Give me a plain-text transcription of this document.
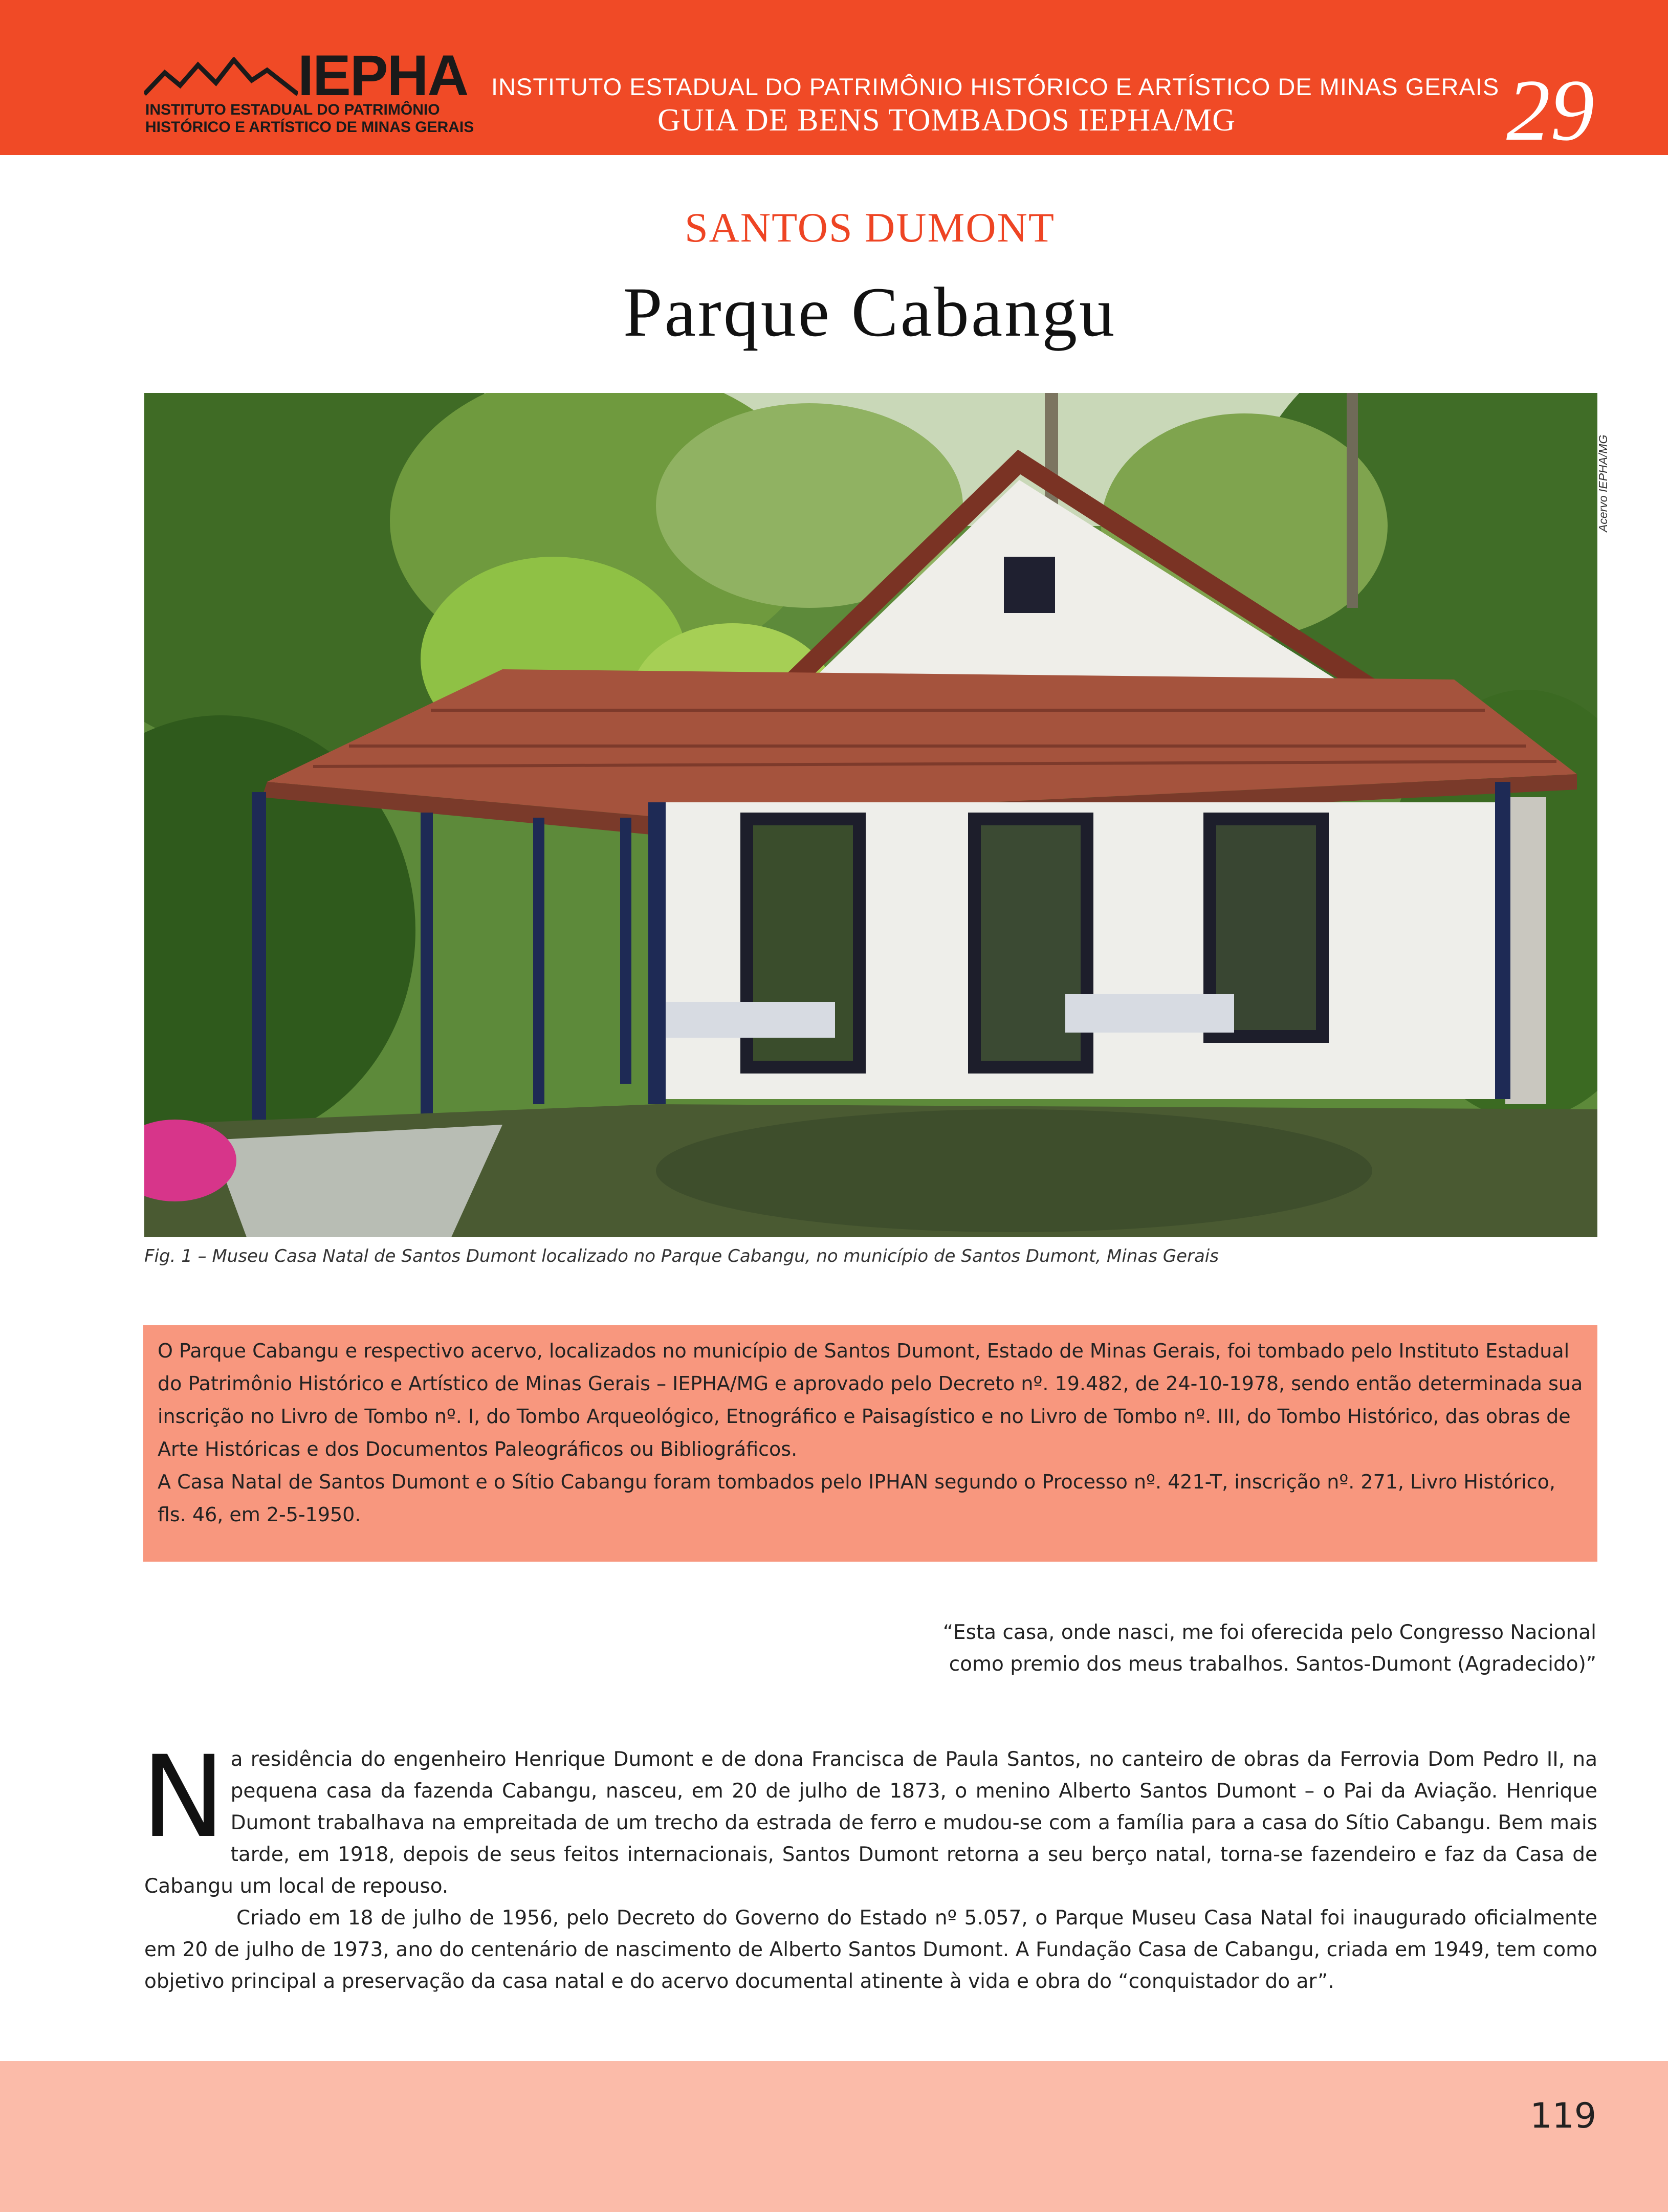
IEPHA
INSTITUTO ESTADUAL DO PATRIMÔNIO
HISTÓRICO E ARTÍSTICO DE MINAS GERAIS
INSTITUTO ESTADUAL DO PATRIMÔNIO HISTÓRICO E ARTÍSTICO DE MINAS GERAIS
GUIA DE BENS TOMBADOS IEPHA/MG	29
SANTOS DUMONT
Parque Cabangu
Acervo IEPHA/MG
Fig. 1 – Museu Casa Natal de Santos Dumont localizado no Parque Cabangu, no município de Santos Dumont, Minas Gerais

O Parque Cabangu e respectivo acervo, localizados no município de Santos Dumont, Estado de Minas Gerais, foi tombado pelo Instituto Estadual do Patrimônio Histórico e Artístico de Minas Gerais – IEPHA/MG e aprovado pelo Decreto nº. 19.482, de 24-10-1978, sendo então determinada sua inscrição no Livro de Tombo nº. I, do Tombo Arqueológico, Etnográfico e Paisagístico e no Livro de Tombo nº. III, do Tombo Histórico, das obras de Arte Históricas e dos Documentos Paleográficos ou Bibliográficos.

A Casa Natal de Santos Dumont e o Sítio Cabangu foram tombados pelo IPHAN segundo o Processo nº. 421-T, inscrição nº. 271, Livro Histórico, fls. 46, em 2-5-1950.

“Esta casa, onde nasci, me foi oferecida pelo Congresso Nacional
como premio dos meus trabalhos. Santos-Dumont (Agradecido)”

Na residência do engenheiro Henrique Dumont e de dona Francisca de Paula Santos, no canteiro de obras da Ferrovia Dom Pedro II, na pequena casa da fazenda Cabangu, nasceu, em 20 de julho de 1873, o menino Alberto Santos Dumont – o Pai da Aviação. Henrique Dumont trabalhava na empreitada de um trecho da estrada de ferro e mudou-se com a família para a casa do Sítio Cabangu. Bem mais tarde, em 1918, depois de seus feitos internacionais, Santos Dumont retorna a seu berço natal, torna-se fazendeiro e faz da Casa de Cabangu um local de repouso.

Criado em 18 de julho de 1956, pelo Decreto do Governo do Estado nº 5.057, o Parque Museu Casa Natal foi inaugurado oficialmente em 20 de julho de 1973, ano do centenário de nascimento de Alberto Santos Dumont. A Fundação Casa de Cabangu, criada em 1949, tem como objetivo principal a preservação da casa natal e do acervo documental atinente à vida e obra do “conquistador do ar”.

119
